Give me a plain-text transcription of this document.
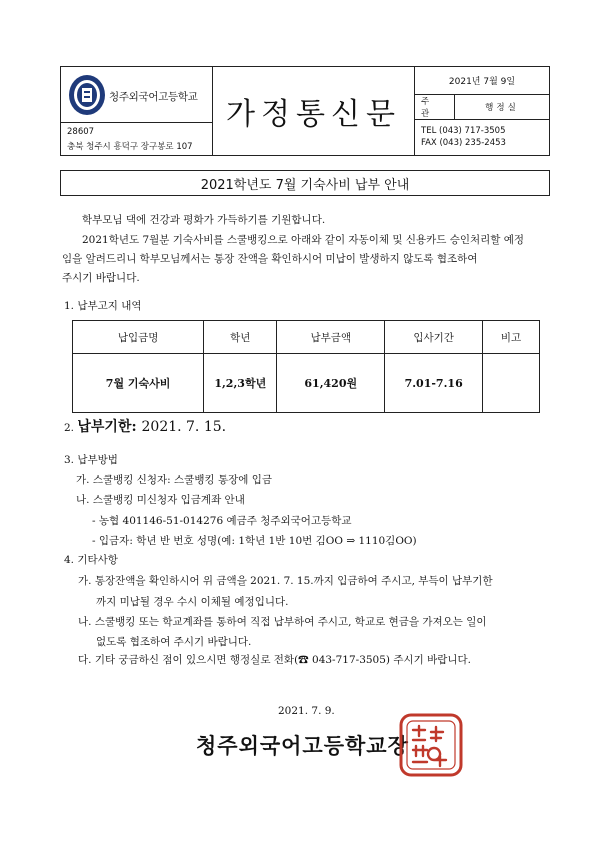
청주외국어고등학교
28607
충북 청주시 흥덕구 장구봉로 107
가정통신문
2021년 7월 9일
주 관
행정실
TEL (043) 717-3505
FAX (043) 235-2453
2021학년도 7월 기숙사비 납부 안내
학부모님 댁에 건강과 평화가 가득하기를 기원합니다.
2021학년도 7월분 기숙사비를 스쿨뱅킹으로 아래와 같이 자동이체 및 신용카드 승인처리할 예정
임을 알려드리니 학부모님께서는 통장 잔액을 확인하시어 미납이 발생하지 않도록 협조하여
주시기 바랍니다.
1. 납부고지 내역
납입금명	학년	납부금액	입사기간	비고
7월 기숙사비	1,2,3학년	61,420원	7.01-7.16	
2. 납부기한: 2021. 7. 15.
3. 납부방법
가. 스쿨뱅킹 신청자: 스쿨뱅킹 통장에 입금
나. 스쿨뱅킹 미신청자 입금계좌 안내
- 농협 401146-51-014276 예금주 청주외국어고등학교
- 입금자: 학년 반 번호 성명(예: 1학년 1반 10번 김OO ⇒ 1110김OO)
4. 기타사항
가. 통장잔액을 확인하시어 위 금액을 2021. 7. 15.까지 입금하여 주시고, 부득이 납부기한
까지 미납될 경우 수시 이체될 예정입니다.
나. 스쿨뱅킹 또는 학교계좌를 통하여 직접 납부하여 주시고, 학교로 현금을 가져오는 일이
없도록 협조하여 주시기 바랍니다.
다. 기타 궁금하신 점이 있으시면 행정실로 전화(☎ 043-717-3505) 주시기 바랍니다.
2021. 7. 9.
청주외국어고등학교장
